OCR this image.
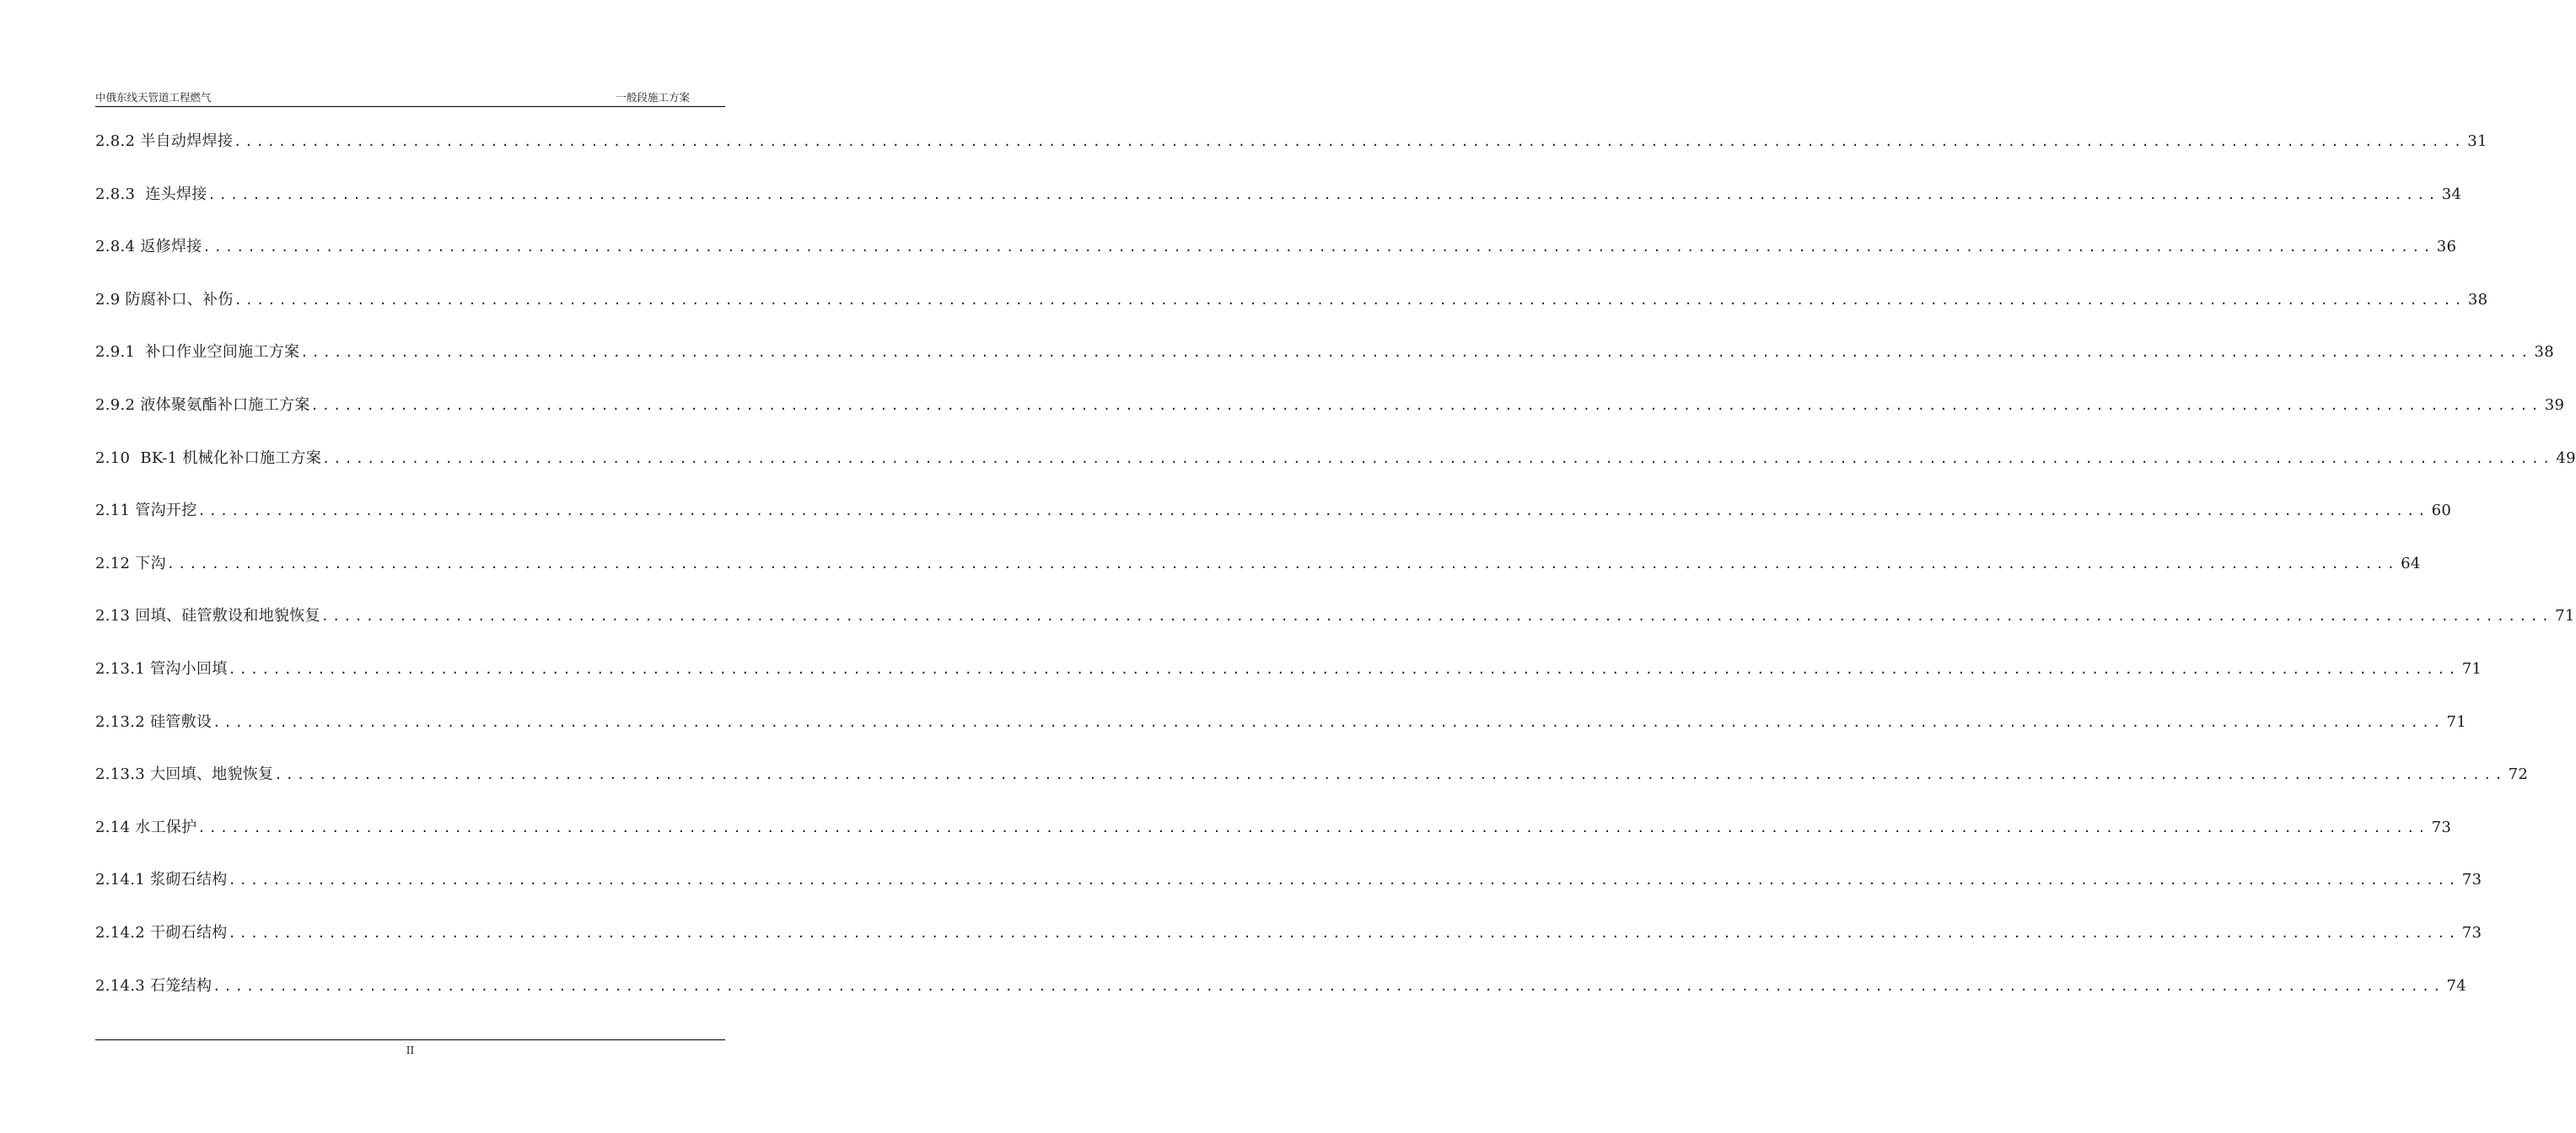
中俄东线天管道工程燃气	一般段施工方案
2.8.2 半自动焊焊接 ........................................................................................................................................................................................................ 31
2.8.3  连头焊接 ........................................................................................................................................................................................................ 34
2.8.4 返修焊接 ........................................................................................................................................................................................................ 36
2.9 防腐补口、补伤 ........................................................................................................................................................................................................ 38
2.9.1  补口作业空间施工方案 ........................................................................................................................................................................................................ 38
2.9.2 液体聚氨酯补口施工方案 ........................................................................................................................................................................................................ 39
2.10  BK-1 机械化补口施工方案 ........................................................................................................................................................................................................ 49
2.11 管沟开挖 ........................................................................................................................................................................................................ 60
2.12 下沟 ........................................................................................................................................................................................................ 64
2.13 回填、硅管敷设和地貌恢复 ........................................................................................................................................................................................................ 71
2.13.1 管沟小回填 ........................................................................................................................................................................................................ 71
2.13.2 硅管敷设 ........................................................................................................................................................................................................ 71
2.13.3 大回填、地貌恢复 ........................................................................................................................................................................................................ 72
2.14 水工保护 ........................................................................................................................................................................................................ 73
2.14.1 浆砌石结构 ........................................................................................................................................................................................................ 73
2.14.2 干砌石结构 ........................................................................................................................................................................................................ 73
2.14.3 石笼结构 ........................................................................................................................................................................................................ 74
II
